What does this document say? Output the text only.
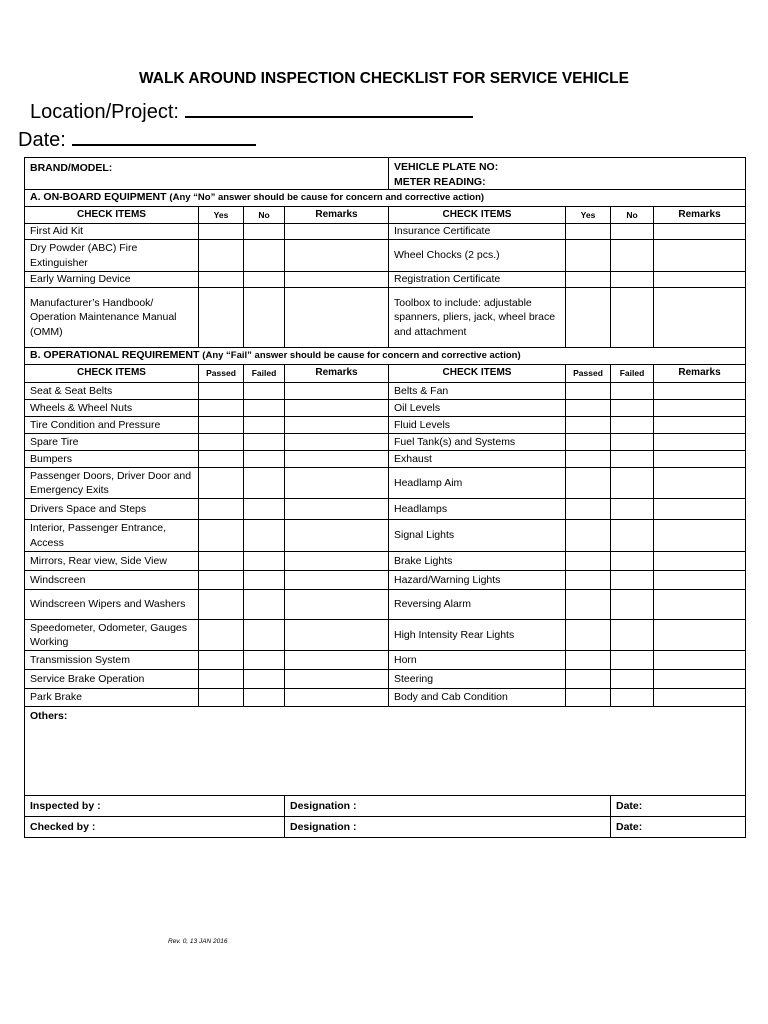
WALK AROUND INSPECTION CHECKLIST FOR SERVICE VEHICLE
Location/Project:
Date:
BRAND/MODEL:				VEHICLE PLATE NO:
METER READING:			

A. ON-BOARD EQUIPMENT (Any “No” answer should be cause for concern and corrective action)							
CHECK ITEMS	Yes	No	Remarks	CHECK ITEMS	Yes	No	Remarks
First Aid Kit				Insurance Certificate			
Dry Powder (ABC) Fire Extinguisher				Wheel Chocks (2 pcs.)			
Early Warning Device				Registration Certificate			
Manufacturer’s Handbook/ Operation Maintenance Manual (OMM)				Toolbox to include: adjustable spanners, pliers, jack, wheel brace and attachment			
B. OPERATIONAL REQUIREMENT (Any “Fail” answer should be cause for concern and corrective action)							
CHECK ITEMS	Passed	Failed	Remarks	CHECK ITEMS	Passed	Failed	Remarks
Seat & Seat Belts				Belts & Fan			
Wheels & Wheel Nuts				Oil Levels			
Tire Condition and Pressure				Fluid Levels			
Spare Tire				Fuel Tank(s) and Systems			
Bumpers				Exhaust			
Passenger Doors, Driver Door and Emergency Exits				Headlamp Aim			
Drivers Space and Steps				Headlamps			
Interior, Passenger Entrance, Access				Signal Lights			
Mirrors, Rear view, Side View				Brake Lights			
Windscreen				Hazard/Warning Lights			
Windscreen Wipers and Washers				Reversing Alarm			
Speedometer, Odometer, Gauges Working				High Intensity Rear Lights			
Transmission System				Horn			
Service Brake Operation				Steering			
Park Brake				Body and Cab Condition			
Others:							
Inspected by :			Designation :			Date:	
Checked by :			Designation :			Date:	
Rev. 0, 13 JAN 2016
